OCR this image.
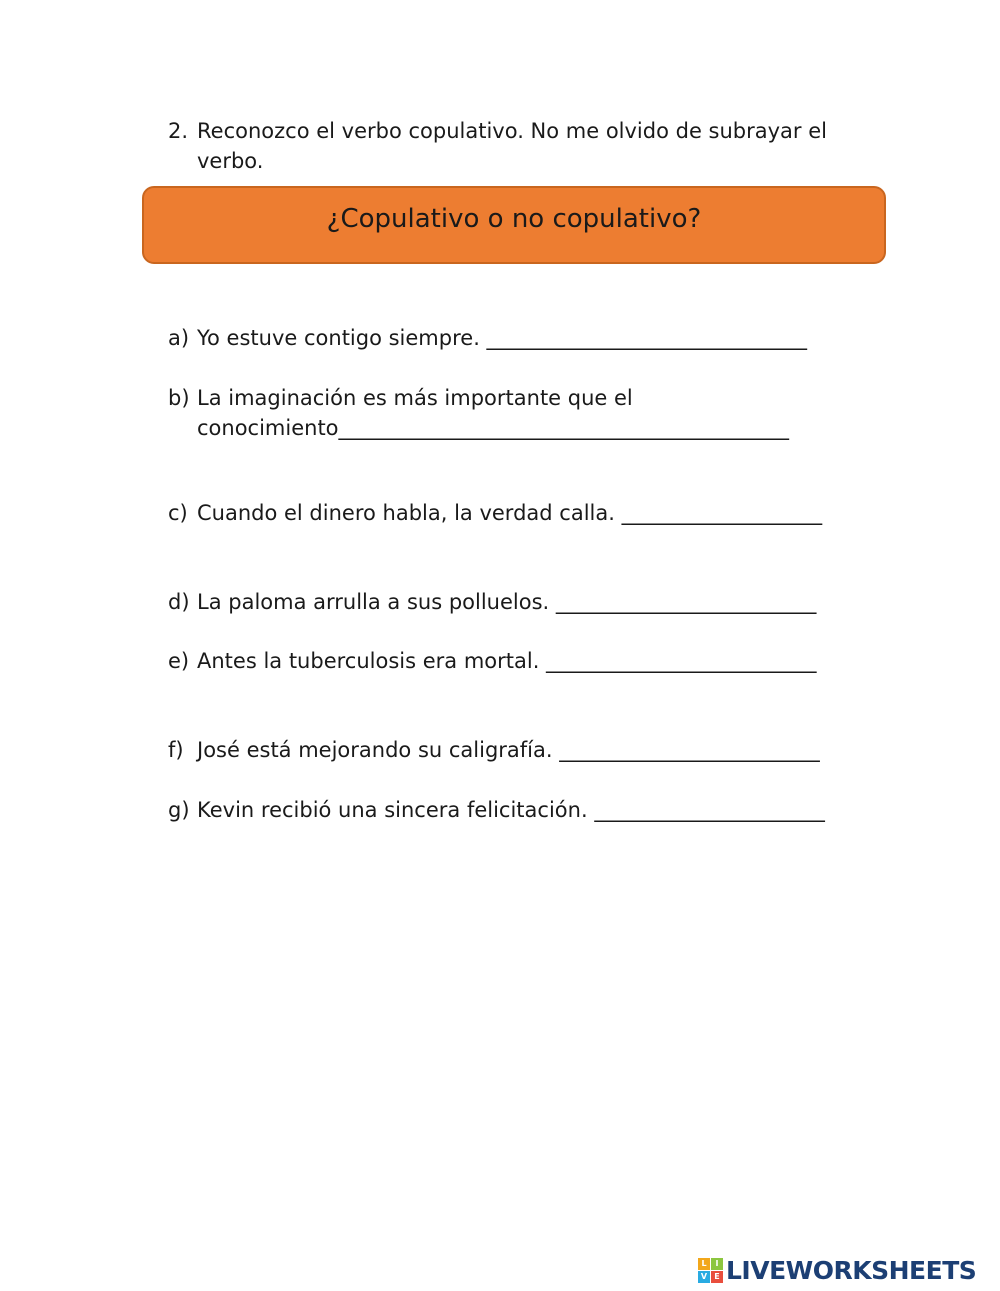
2. Reconozco el verbo copulativo. No me olvido de subrayar el
verbo.
¿Copulativo o no copulativo?
a) Yo estuve contigo siempre. ________________________________
b) La imaginación es más importante que el
conocimiento_____________________________________________
c) Cuando el dinero habla, la verdad calla. ____________________
d) La paloma arrulla a sus polluelos. __________________________
e) Antes la tuberculosis era mortal. ___________________________
f) José está mejorando su caligrafía. __________________________
g) Kevin recibió una sincera felicitación. _______________________
L	I
V E LIVEWORKSHEETS
